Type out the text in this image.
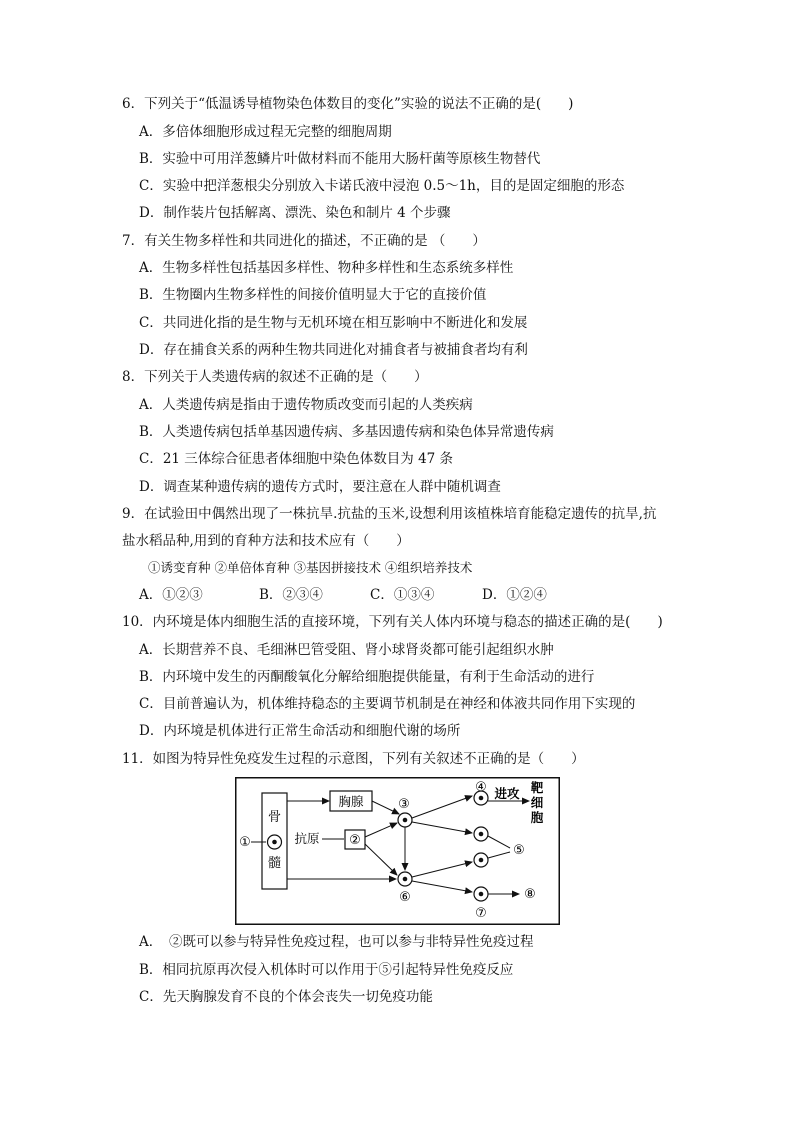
6．下列关于“低温诱导植物染色体数目的变化”实验的说法不正确的是(　　)
A．多倍体细胞形成过程无完整的细胞周期
B．实验中可用洋葱鳞片叶做材料而不能用大肠杆菌等原核生物替代
C．实验中把洋葱根尖分别放入卡诺氏液中浸泡 0.5～1h，目的是固定细胞的形态
D．制作装片包括解离、漂洗、染色和制片 4 个步骤
7．有关生物多样性和共同进化的描述，不正确的是 （　　）
A．生物多样性包括基因多样性、物种多样性和生态系统多样性
B．生物圈内生物多样性的间接价值明显大于它的直接价值
C．共同进化指的是生物与无机环境在相互影响中不断进化和发展
D．存在捕食关系的两种生物共同进化对捕食者与被捕食者均有利
8．下列关于人类遗传病的叙述不正确的是（　　）
A．人类遗传病是指由于遗传物质改变而引起的人类疾病
B．人类遗传病包括单基因遗传病、多基因遗传病和染色体异常遗传病
C．21 三体综合征患者体细胞中染色体数目为 47 条
D．调查某种遗传病的遗传方式时，要注意在人群中随机调查
9．在试验田中偶然出现了一株抗旱.抗盐的玉米,设想利用该植株培育能稳定遗传的抗旱,抗
盐水稻品种,用到的育种方法和技术应有（　　）
①诱变育种 ②单倍体育种 ③基因拼接技术 ④组织培养技术
A．①②③	B．②③④	C．①③④	D．①②④
10．内环境是体内细胞生活的直接环境，下列有关人体内环境与稳态的描述正确的是(　　)
A．长期营养不良、毛细淋巴管受阻、肾小球肾炎都可能引起组织水肿
B．内环境中发生的丙酮酸氧化分解给细胞提供能量，有利于生命活动的进行
C．目前普遍认为，机体维持稳态的主要调节机制是在神经和体液共同作用下实现的
D．内环境是机体进行正常生命活动和细胞代谢的场所
11．如图为特异性免疫发生过程的示意图，下列有关叙述不正确的是（　　）
骨
髓
①
胸腺	③
抗原 ②
⑥
④ 进攻 靶
细
胞
⑤
⑦
⑧
A．　②既可以参与特异性免疫过程，也可以参与非特异性免疫过程
B．相同抗原再次侵入机体时可以作用于⑤引起特异性免疫反应
C．先天胸腺发育不良的个体会丧失一切免疫功能
